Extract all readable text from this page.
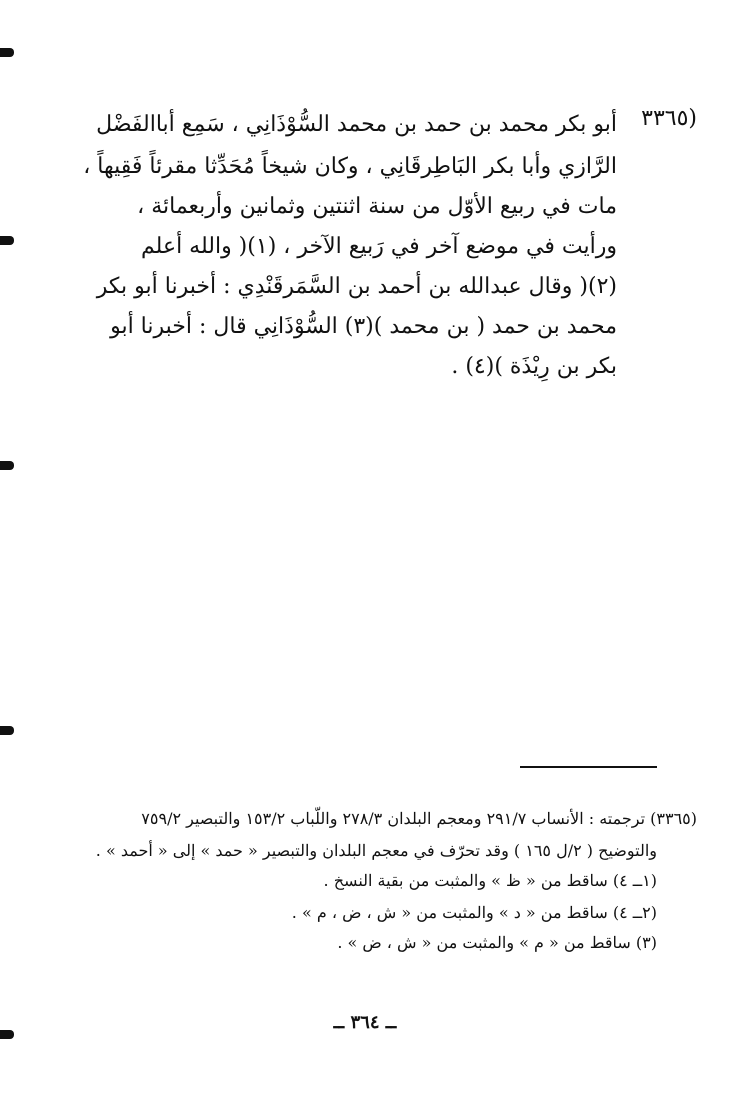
(٣٣٦٥
أبو بكر محمد بن حمد بن محمد السُّوْذَانِي ، سَمِع أباالفَضْل
الرَّازي وأبا بكر البَاطِرقَانِي ، وكان شيخاً مُحَدِّثا مقرئاً فَقِيهاً ،
مات في ربيع الأوّل من سنة اثنتين وثمانين وأربعمائة ،
ورأيت في موضع آخر في رَبيع الآخر ، (١)( والله أعلم
(٢)( وقال عبدالله بن أحمد بن السَّمَرقَنْدِي : أخبرنا أبو بكر
محمد بن حمد ( بن محمد )(٣) السُّوْذَانِي قال : أخبرنا أبو
بكر بن رِيْذَة )(٤) .
(٣٣٦٥) ترجمته : الأنساب ٢٩١/٧ ومعجم البلدان ٢٧٨/٣ واللّباب ١٥٣/٢ والتبصير ٧٥٩/٢
والتوضيح ( ٢/ل ١٦٥ ) وقد تحرّف في معجم البلدان والتبصير « حمد » إلى « أحمد » .
(١ــ ٤) ساقط من « ظ » والمثبت من بقية النسخ .
(٢ــ ٤) ساقط من « د » والمثبت من « ش ، ض ، م » .
(٣) ساقط من « م » والمثبت من « ش ، ض » .
ــ ٣٦٤ ــ
